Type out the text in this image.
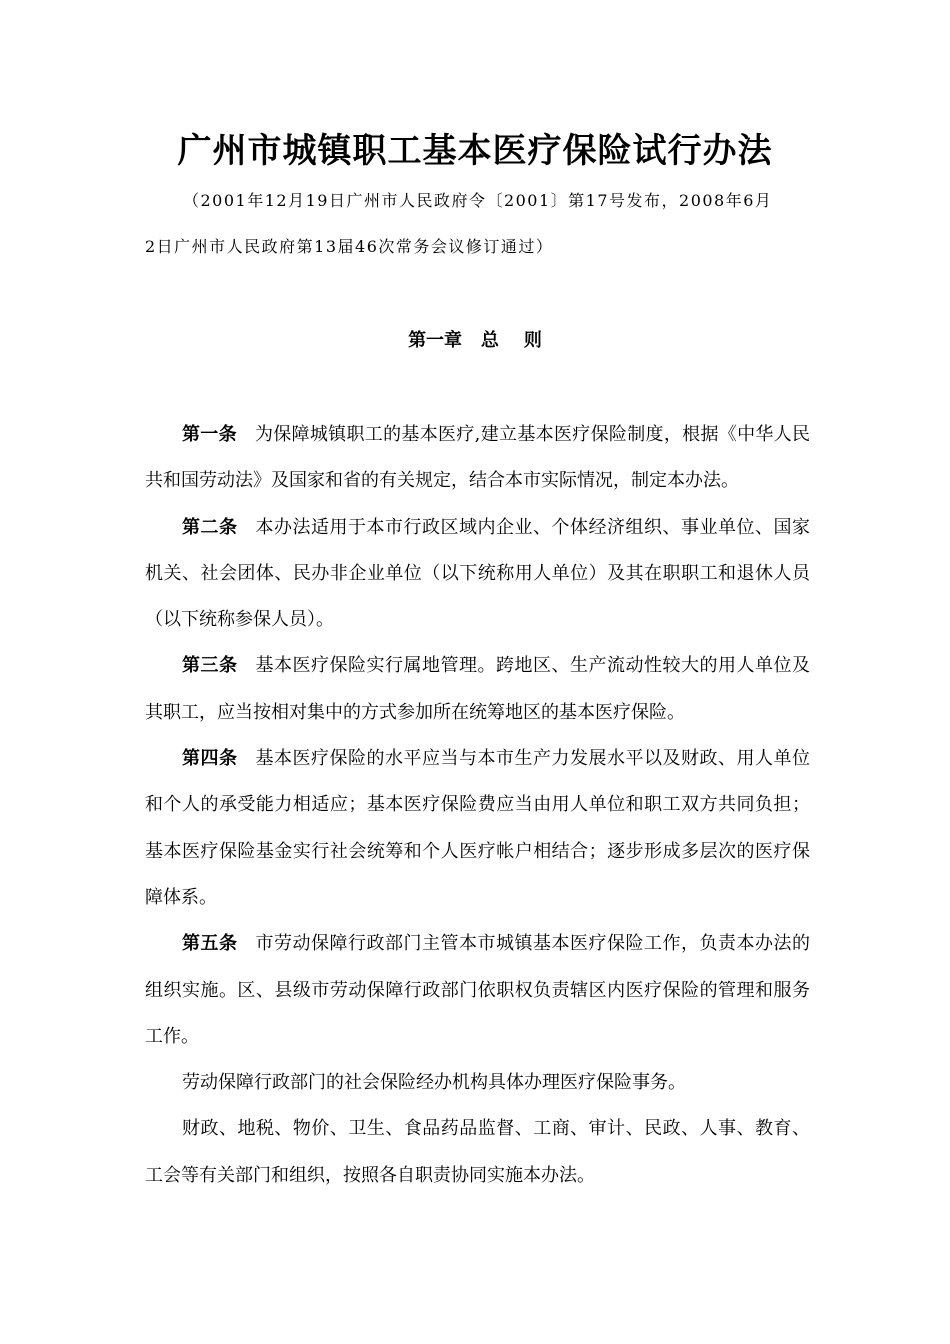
广州市城镇职工基本医疗保险试行办法
（2001年12月19日广州市人民政府令〔2001〕第17号发布，2008年6月
2日广州市人民政府第13届46次常务会议修订通过）
第一章   总    则

第一条 为保障城镇职工的基本医疗,建立基本医疗保险制度，根据《中华人民共和国劳动法》及国家和省的有关规定，结合本市实际情况，制定本办法。

第二条 本办法适用于本市行政区域内企业、个体经济组织、事业单位、国家机关、社会团体、民办非企业单位（以下统称用人单位）及其在职职工和退休人员（以下统称参保人员）。

第三条 基本医疗保险实行属地管理。跨地区、生产流动性较大的用人单位及其职工，应当按相对集中的方式参加所在统筹地区的基本医疗保险。

第四条 基本医疗保险的水平应当与本市生产力发展水平以及财政、用人单位和个人的承受能力相适应；基本医疗保险费应当由用人单位和职工双方共同负担；基本医疗保险基金实行社会统筹和个人医疗帐户相结合；逐步形成多层次的医疗保障体系。

第五条 市劳动保障行政部门主管本市城镇基本医疗保险工作，负责本办法的组织实施。区、县级市劳动保障行政部门依职权负责辖区内医疗保险的管理和服务工作。

劳动保障行政部门的社会保险经办机构具体办理医疗保险事务。

财政、地税、物价、卫生、食品药品监督、工商、审计、民政、人事、教育、工会等有关部门和组织，按照各自职责协同实施本办法。
